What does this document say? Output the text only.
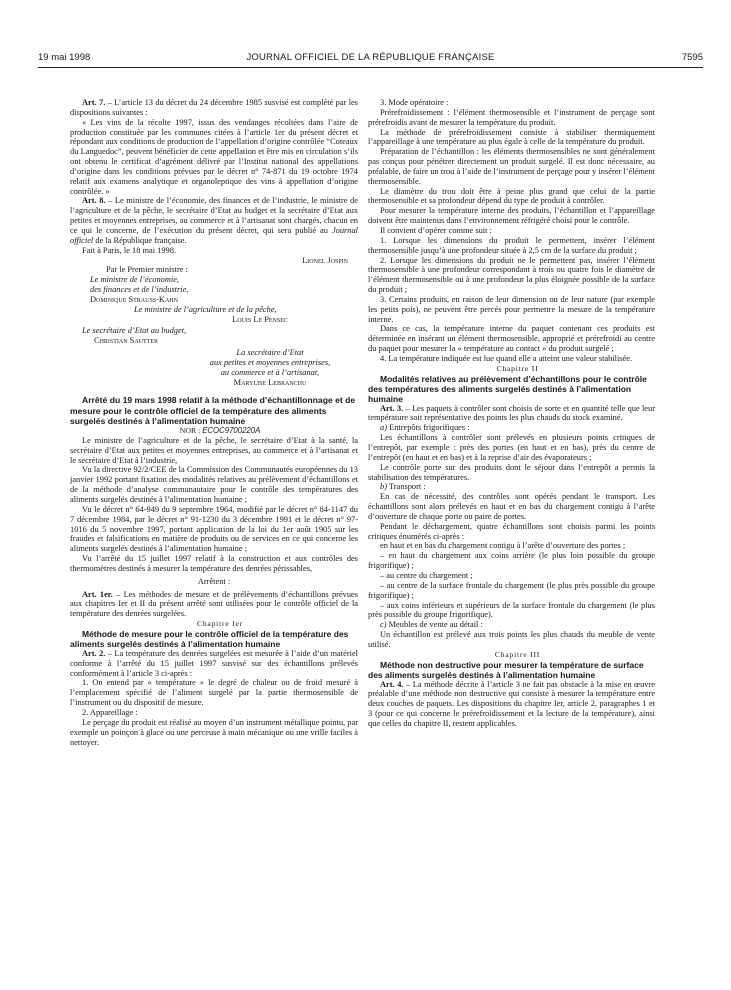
19 mai 1998	JOURNAL OFFICIEL DE LA RÉPUBLIQUE FRANÇAISE	7595

Art. 7. – L’article 13 du décret du 24 décembre 1985 susvisé est complété par les dispositions suivantes :

« Les vins de la récolte 1997, issus des vendanges récoltées dans l’aire de production constituée par les communes citées à l’article 1er du présent décret et répondant aux conditions de production de l’appellation d’origine contrôlée “Coteaux du Languedoc”, peuvent bénéficier de cette appellation et être mis en circulation s’ils ont obtenu le certificat d’agrément délivré par l’Institut national des appellations d’origine dans les conditions prévues par le décret n° 74-871 du 19 octobre 1974 relatif aux examens analytique et organoleptique des vins à appellation d’origine contrôlée. »

Art. 8. – Le ministre de l’économie, des finances et de l’industrie, le ministre de l’agriculture et de la pêche, le secrétaire d’Etat au budget et la secrétaire d’Etat aux petites et moyennes entreprises, au commerce et à l’artisanat sont chargés, chacun en ce qui le concerne, de l’exécution du présent décret, qui sera publié au Journal officiel de la République française.

Fait à Paris, le 18 mai 1998.

Lionel Jospin

Par le Premier ministre :

Le ministre de l’économie,

des finances et de l’industrie,

Dominique Strauss-Kahn

Le ministre de l’agriculture et de la pêche,

Louis Le Pensec

Le secrétaire d’Etat au budget,

Christian Sautter

La secrétaire d’Etat

aux petites et moyennes entreprises,

au commerce et à l’artisanat,

Marylise Lebranchu

Arrêté du 19 mars 1998 relatif à la méthode d’échantillonnage et de mesure pour le contrôle officiel de la température des aliments surgelés destinés à l’alimentation humaine

NOR : ECOC9700220A

Le ministre de l’agriculture et de la pêche, le secrétaire d’Etat à la santé, la secrétaire d’Etat aux petites et moyennes entreprises, au commerce et à l’artisanat et le secrétaire d’Etat à l’industrie,

Vu la directive 92/2/CEE de la Commission des Communautés européennes du 13 janvier 1992 portant fixation des modalités relatives au prélèvement d’échantillons et de la méthode d’analyse communautaire pour le contrôle des températures des aliments surgelés destinés à l’alimentation humaine ;

Vu le décret n° 64-949 du 9 septembre 1964, modifié par le décret n° 84-1147 du 7 décembre 1984, par le décret n° 91-1230 du 3 décembre 1991 et le décret n° 97-1016 du 5 novembre 1997, portant application de la loi du 1er août 1905 sur les fraudes et falsifications en matière de produits ou de services en ce qui concerne les aliments surgelés destinés à l’alimentation humaine ;

Vu l’arrêté du 15 juillet 1997 relatif à la construction et aux contrôles des thermomètres destinés à mesurer la température des denrées périssables,

Arrêtent :

Art. 1er. – Les méthodes de mesure et de prélèvements d’échantillons prévues aux chapitres Ier et II du présent arrêté sont utilisées pour le contrôle officiel de la température des denrées surgelées.

Chapitre Ier

Méthode de mesure pour le contrôle officiel de la température des aliments surgelés destinés à l’alimentation humaine

Art. 2. – La température des denrées surgelées est mesurée à l’aide d’un matériel conforme à l’arrêté du 15 juillet 1997 susvisé sur des échantillons prélevés conformément à l’article 3 ci-après :

1. On entend par « température » le degré de chaleur ou de froid mesuré à l’emplacement spécifié de l’aliment surgelé par la partie thermosensible de l’instrument ou du dispositif de mesure.

2. Appareillage :

Le perçage du produit est réalisé au moyen d’un instrument métallique pointu, par exemple un poinçon à glace ou une perceuse à main mécanique ou une vrille faciles à nettoyer.

3. Mode opératoire :

Prérefroidissement : l’élément thermosensible et l’instrument de perçage sont prérefroidis avant de mesurer la température du produit.

La méthode de prérefroidissement consiste à stabiliser thermiquement l’appareillage à une température au plus égale à celle de la température du produit.

Préparation de l’échantillon : les éléments thermosensibles ne sont généralement pas conçus pour pénétrer directement un produit surgelé. Il est donc nécessaire, au préalable, de faire un trou à l’aide de l’instrument de perçage pour y insérer l’élément thermosensible.

Le diamètre du trou doit être à peine plus grand que celui de la partie thermosensible et sa profondeur dépend du type de produit à contrôler.

Pour mesurer la température interne des produits, l’échantillon et l’appareillage doivent être maintenus dans l’environnement réfrigéré choisi pour le contrôle.

Il convient d’opérer comme suit :

1. Lorsque les dimensions du produit le permettent, insérer l’élément thermosensible jusqu’à une profondeur située à 2,5 cm de la surface du produit ;

2. Lorsque les dimensions du produit ne le permettent pas, insérer l’élément thermosensible à une profondeur correspondant à trois ou quatre fois le diamètre de l’élément thermosensible ou à une profondeur la plus éloignée possible de la surface du produit ;

3. Certains produits, en raison de leur dimension ou de leur nature (par exemple les petits pois), ne peuvent être percés pour permettre la mesure de la température interne.

Dans ce cas, la température interne du paquet contenant ces produits est déterminée en insérant un élément thermosensible, approprié et prérefroidi au centre du paquet pour mesurer la « température au contact » du produit surgelé ;

4. La température indiquée est lue quand elle a atteint une valeur stabilisée.

Chapitre II

Modalités relatives au prélèvement d’échantillons pour le contrôle des températures des aliments surgelés destinés à l’alimentation humaine

Art. 3. – Les paquets à contrôler sont choisis de sorte et en quantité telle que leur température soit représentative des points les plus chauds du stock examiné.

a) Entrepôts frigorifiques :

Les échantillons à contrôler sont prélevés en plusieurs points critiques de l’entrepôt, par exemple : près des portes (en haut et en bas), près du centre de l’entrepôt (en haut et en bas) et à la reprise d’air des évaporateurs ;

Le contrôle porte sur des produits dont le séjour dans l’entrepôt a permis la stabilisation des températures.

b) Transport :

En cas de nécessité, des contrôles sont opérés pendant le transport. Les échantillons sont alors prélevés en haut et en bas du chargement contigu à l’arête d’ouverture de chaque porte ou paire de portes.

Pendant le déchargement, quatre échantillons sont choisis parmi les points critiques énumérés ci-après :

en haut et en bas du chargement contigu à l’arête d’ouverture des portes ;

– en haut du chargement aux coins arrière (le plus loin possible du groupe frigorifique) ;

– au centre du chargement ;

– au centre de la surface frontale du chargement (le plus près possible du groupe frigorifique) ;

– aux coins inférieurs et supérieurs de la surface frontale du chargement (le plus près possible du groupe frigorifique).

c) Meubles de vente au détail :

Un échantillon est prélevé aux trois points les plus chauds du meuble de vente utilisé.

Chapitre III

Méthode non destructive pour mesurer la température de surface des aliments surgelés destinés à l’alimentation humaine

Art. 4. – La méthode décrite à l’article 3 ne fait pas obstacle à la mise en œuvre préalable d’une méthode non destructive qui consiste à mesurer la température entre deux couches de paquets. Les dispositions du chapitre Ier, article 2, paragraphes 1 et 3 (pour ce qui concerne le prérefroidissement et la lecture de la température), ainsi que celles du chapitre II, restent applicables.
